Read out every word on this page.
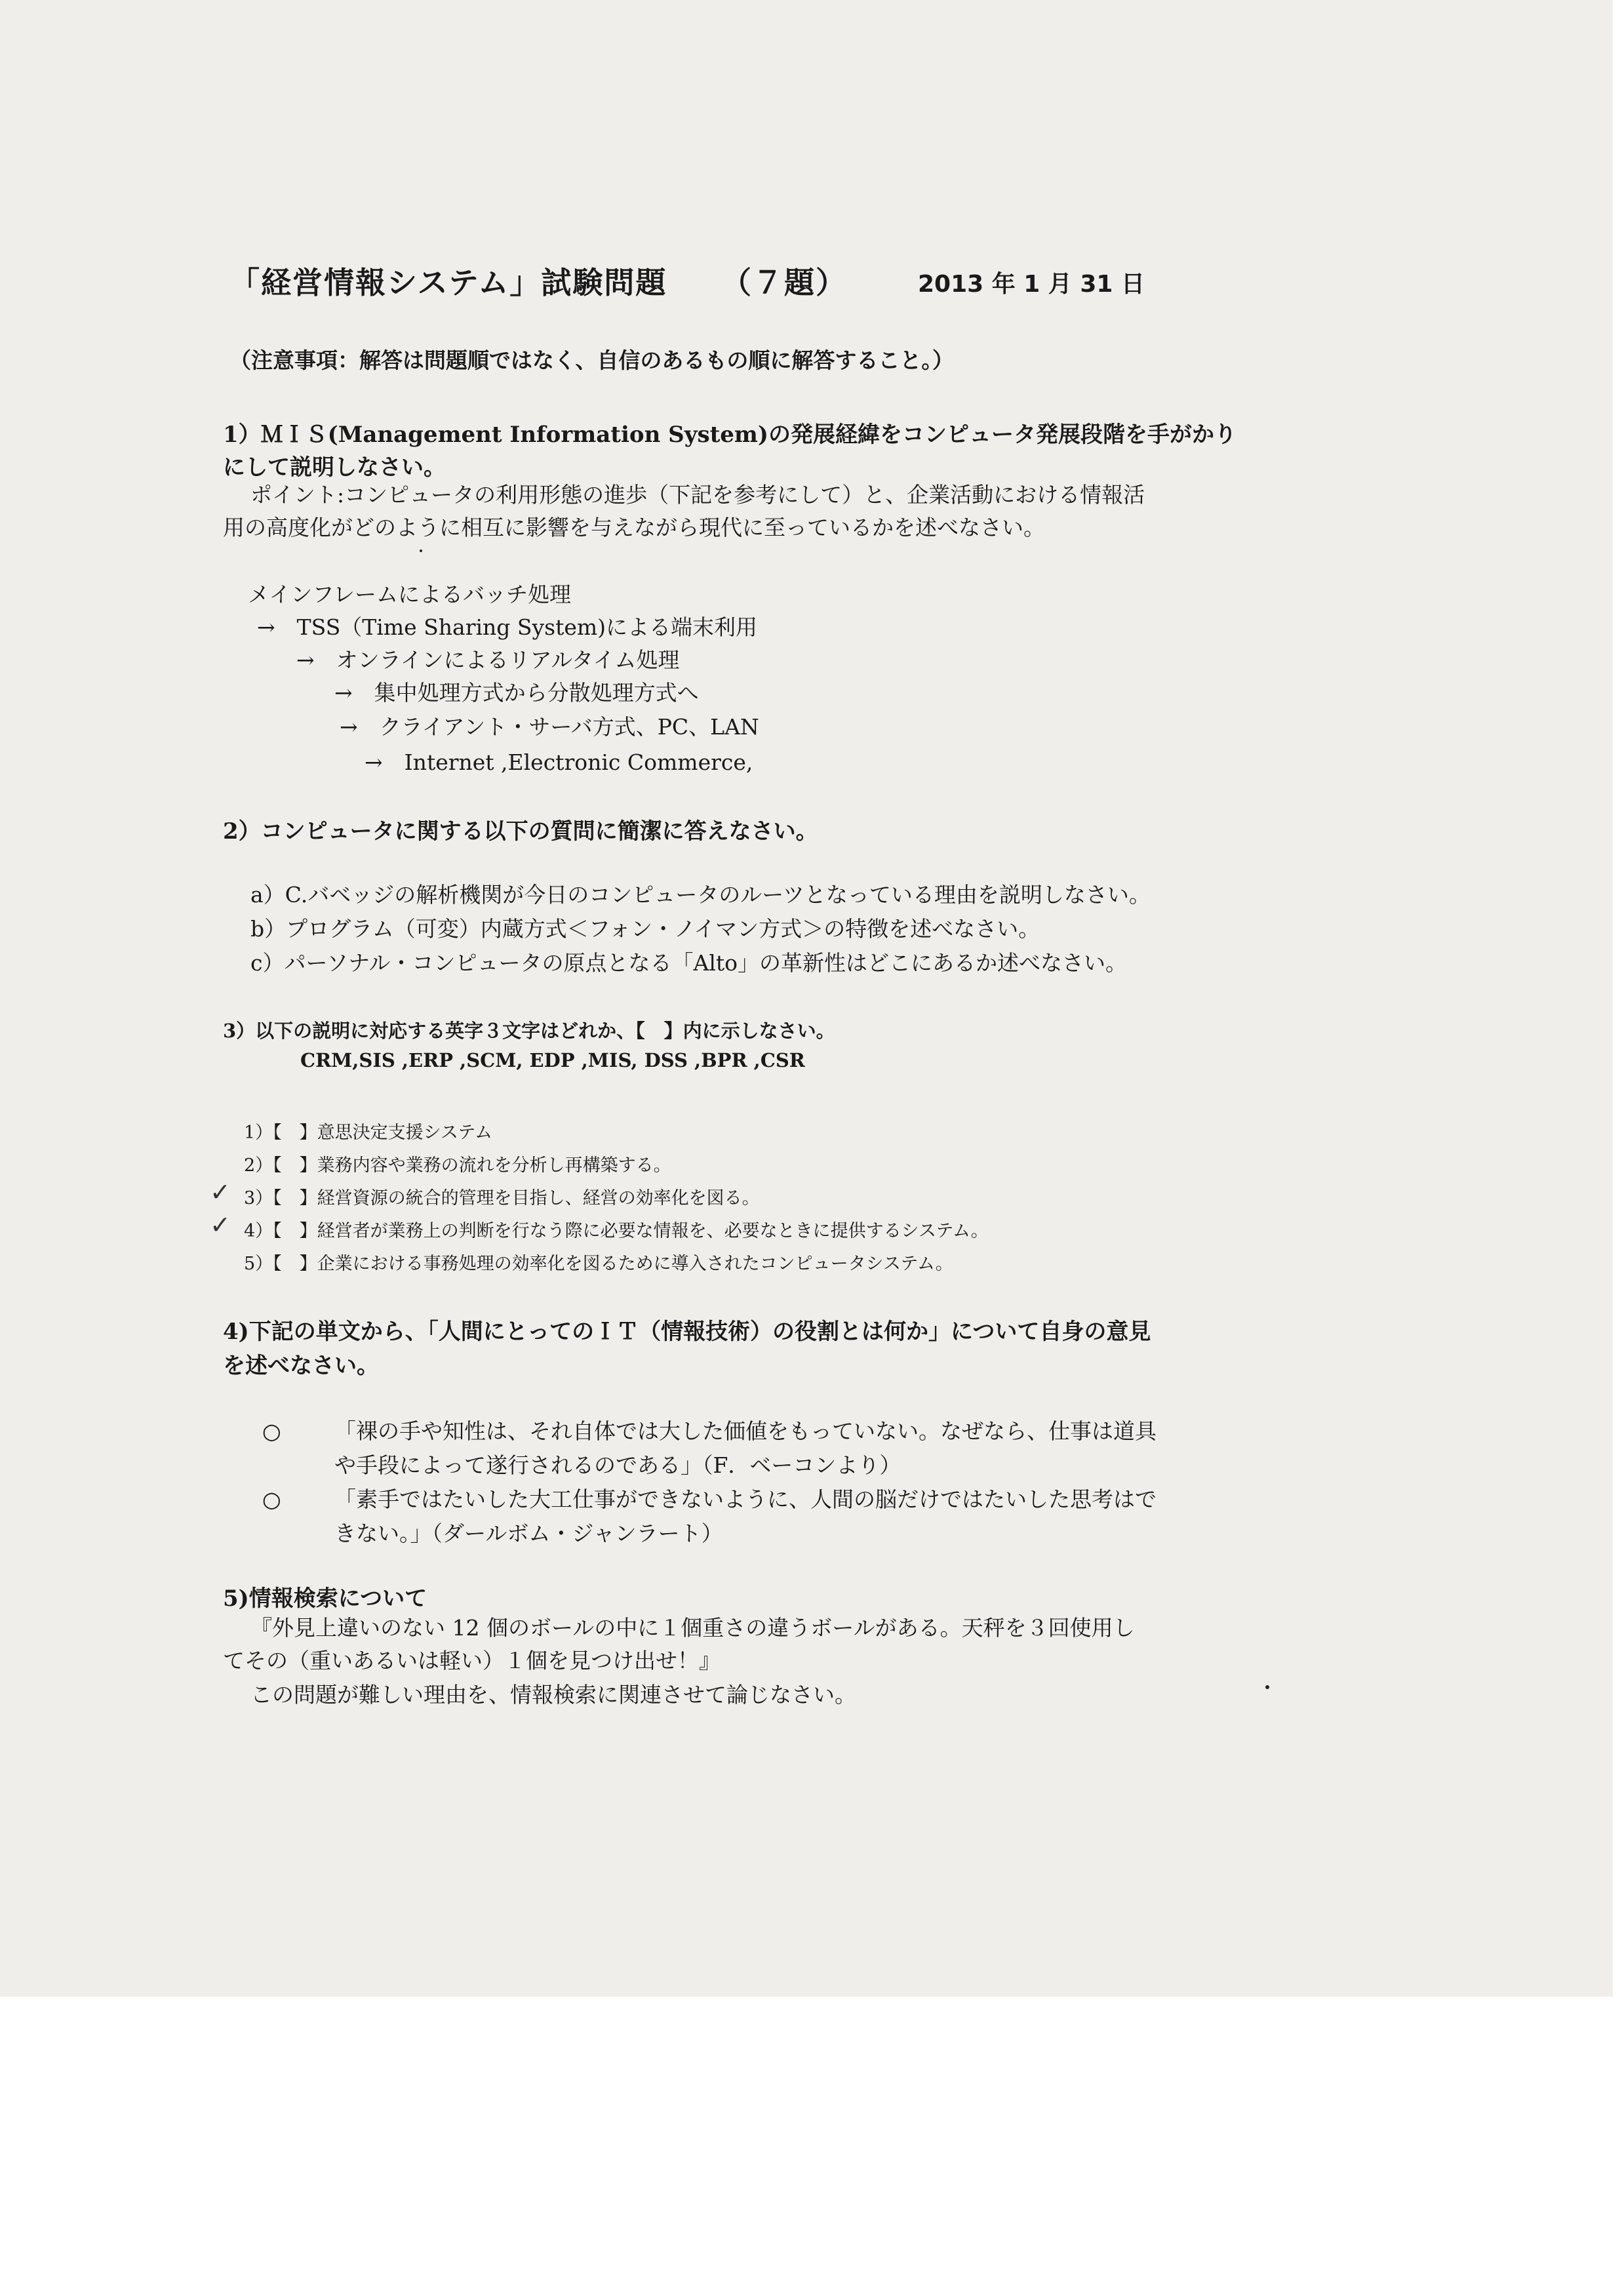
「経営情報システム」試験問題 （７題）	2013 年 1 月 31 日
（注意事項：解答は問題順ではなく、自信のあるもの順に解答すること。）
1）ＭＩＳ(Management Information System)の発展経緯をコンピュータ発展段階を手がかり
にして説明しなさい。
ポイント:コンピュータの利用形態の進歩（下記を参考にして）と、企業活動における情報活
用の高度化がどのように相互に影響を与えながら現代に至っているかを述べなさい。
メインフレームによるバッチ処理
→　TSS（Time Sharing System)による端末利用
→　オンラインによるリアルタイム処理
→　集中処理方式から分散処理方式へ
→　クライアント・サーバ方式、PC、LAN
→　Internet ,Electronic Commerce,
2）コンピュータに関する以下の質問に簡潔に答えなさい。
a）C.バベッジの解析機関が今日のコンピュータのルーツとなっている理由を説明しなさい。
b）プログラム（可変）内蔵方式＜フォン・ノイマン方式＞の特徴を述べなさい。
c）パーソナル・コンピュータの原点となる「Alto」の革新性はどこにあるか述べなさい。
3）以下の説明に対応する英字３文字はどれか、【　】内に示しなさい。
CRM,SIS ,ERP ,SCM, EDP ,MIS, DSS ,BPR ,CSR
1）【　】意思決定支援システム
2）【　】業務内容や業務の流れを分析し再構築する。
✓ 3）【　】経営資源の統合的管理を目指し、経営の効率化を図る。
✓ 4）【　】経営者が業務上の判断を行なう際に必要な情報を、必要なときに提供するシステム。
5）【　】企業における事務処理の効率化を図るために導入されたコンピュータシステム。
4)下記の単文から、「人間にとってのＩＴ（情報技術）の役割とは何か」について自身の意見
を述べなさい。
○ 「裸の手や知性は、それ自体では大した価値をもっていない。なぜなら、仕事は道具
や手段によって遂行されるのである」（F．ベーコンより）
○ 「素手ではたいした大工仕事ができないように、人間の脳だけではたいした思考はで
きない。」（ダールボム・ジャンラート）
5)情報検索について
『外見上違いのない 12 個のボールの中に１個重さの違うボールがある。天秤を３回使用し
てその（重いあるいは軽い）１個を見つけ出せ！』
この問題が難しい理由を、情報検索に関連させて論じなさい。
